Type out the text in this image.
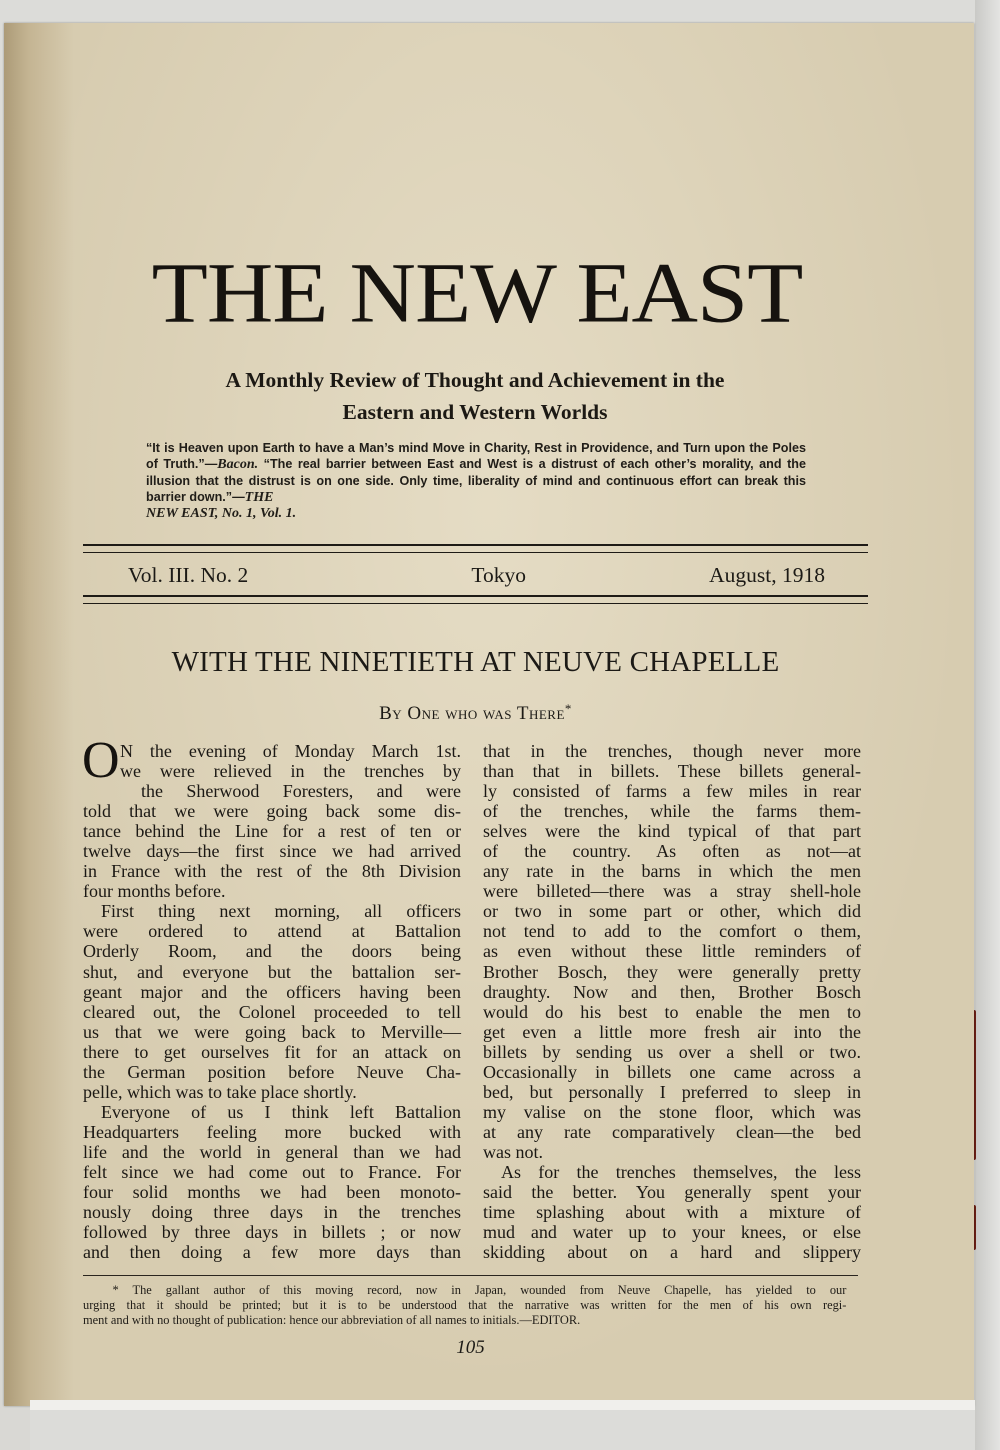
THE NEW EAST
A Monthly Review of Thought and Achievement in the
Eastern and Western Worlds
“It is Heaven upon Earth to have a Man’s mind Move in Charity, Rest in Providence, and Turn upon the Poles of Truth.”—Bacon. “The real barrier between East and West is a distrust of each other’s morality, and the illusion that the distrust is on one side. Only time, liberality of mind and continuous effort can break this barrier down.”—THE
NEW EAST, No. 1, Vol. 1.
Vol. III. No. 2	Tokyo	August, 1918
WITH THE NINETIETH AT NEUVE CHAPELLE
By One who was There*
O N the evening of Monday March 1st.
we were relieved in the trenches by
the Sherwood Foresters, and were
told that we were going back some dis-
tance behind the Line for a rest of ten or
twelve days—the first since we had arrived
in France with the rest of the 8th Division
four months before.
First thing next morning, all officers
were ordered to attend at Battalion
Orderly Room, and the doors being
shut, and everyone but the battalion ser-
geant major and the officers having been
cleared out, the Colonel proceeded to tell
us that we were going back to Merville—
there to get ourselves fit for an attack on
the German position before Neuve Cha-
pelle, which was to take place shortly.
Everyone of us I think left Battalion
Headquarters feeling more bucked with
life and the world in general than we had
felt since we had come out to France. For
four solid months we had been monoto-
nously doing three days in the trenches
followed by three days in billets ; or now
and then doing a few more days than
that in the trenches, though never more
than that in billets. These billets general-
ly consisted of farms a few miles in rear
of the trenches, while the farms them-
selves were the kind typical of that part
of the country. As often as not—at
any rate in the barns in which the men
were billeted—there was a stray shell-hole
or two in some part or other, which did
not tend to add to the comfort o them,
as even without these little reminders of
Brother Bosch, they were generally pretty
draughty. Now and then, Brother Bosch
would do his best to enable the men to
get even a little more fresh air into the
billets by sending us over a shell or two.
Occasionally in billets one came across a
bed, but personally I preferred to sleep in
my valise on the stone floor, which was
at any rate comparatively clean—the bed
was not.
As for the trenches themselves, the less
said the better. You generally spent your
time splashing about with a mixture of
mud and water up to your knees, or else
skidding about on a hard and slippery
* The gallant author of this moving record, now in Japan, wounded from Neuve Chapelle, has yielded to our
urging that it should be printed; but it is to be understood that the narrative was written for the men of his own regi-
ment and with no thought of publication: hence our abbreviation of all names to initials.—EDITOR.
105
